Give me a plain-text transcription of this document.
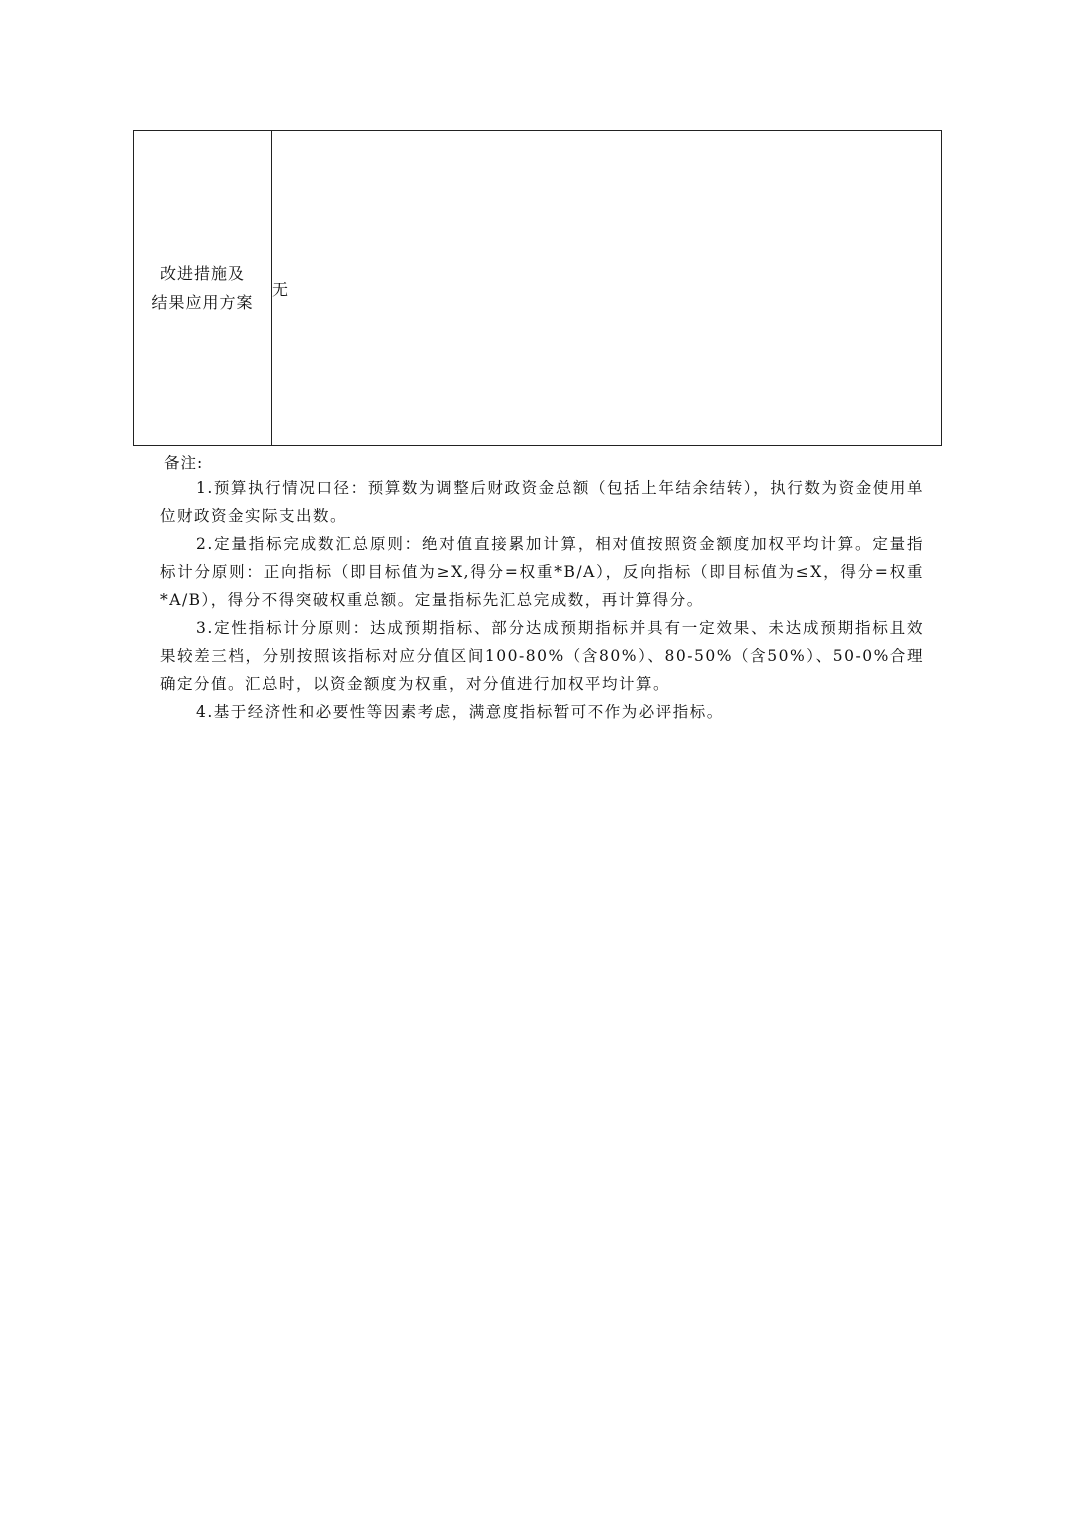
改进措施及
结果应用方案
	无
备注:
1.预算执行情况口径：预算数为调整后财政资金总额（包括上年结余结转），执行数为资金使用单位财政资金实际支出数。
2.定量指标完成数汇总原则：绝对值直接累加计算，相对值按照资金额度加权平均计算。定量指标计分原则：正向指标（即目标值为≥X,得分=权重*B/A），反向指标（即目标值为≤X，得分=权重*A/B），得分不得突破权重总额。定量指标先汇总完成数，再计算得分。
3.定性指标计分原则：达成预期指标、部分达成预期指标并具有一定效果、未达成预期指标且效果较差三档，分别按照该指标对应分值区间100-80%（含80%）、80-50%（含50%）、50-0%合理确定分值。汇总时，以资金额度为权重，对分值进行加权平均计算。
4.基于经济性和必要性等因素考虑，满意度指标暂可不作为必评指标。
